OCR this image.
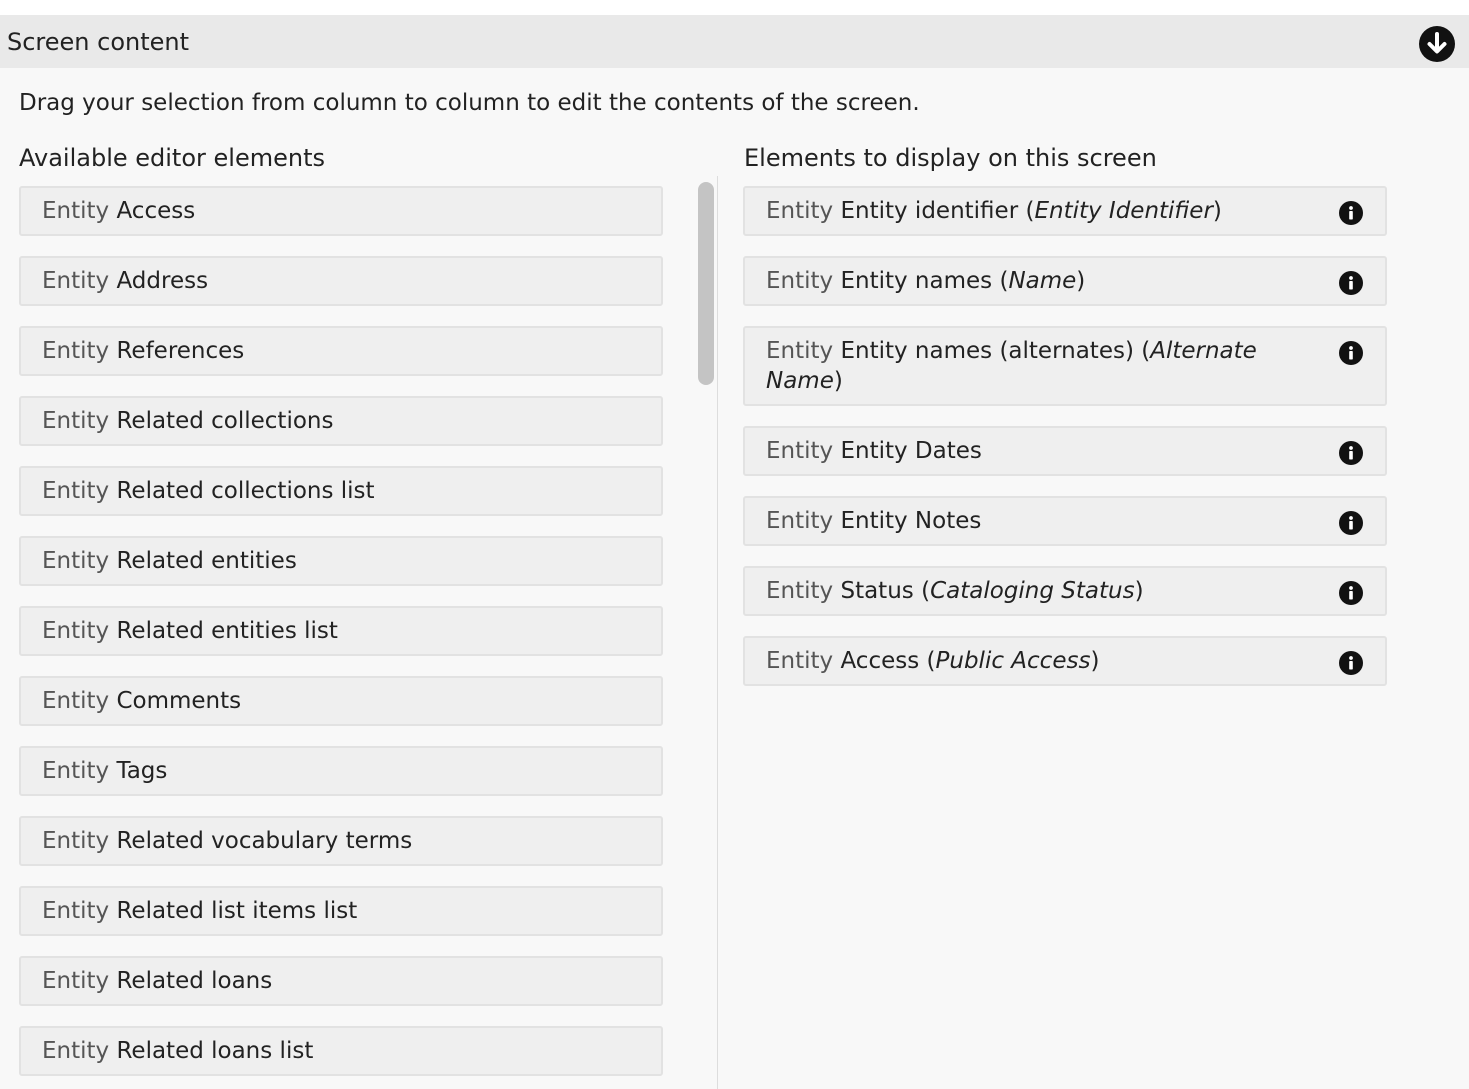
Screen content
Drag your selection from column to column to edit the contents of the screen.
Available editor elements	Elements to display on this screen
Entity Access
Entity Address
Entity References
Entity Related collections
Entity Related collections list
Entity Related entities
Entity Related entities list
Entity Comments
Entity Tags
Entity Related vocabulary terms
Entity Related list items list
Entity Related loans
Entity Related loans list
Entity Entity identifier (Entity Identifier)
Entity Entity names (Name)
Entity Entity names (alternates) (Alternate Name)
Entity Entity Dates
Entity Entity Notes
Entity Status (Cataloging Status)
Entity Access (Public Access)
